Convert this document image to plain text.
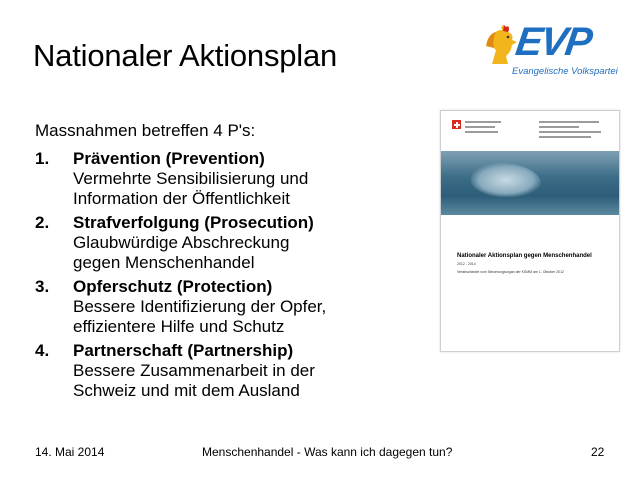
Nationaler Aktionsplan	EVP
Evangelische Volkspartei
Massnahmen betreffen 4 P's:
1.	Prävention (Prevention)
Vermehrte Sensibilisierung und
Information der Öffentlichkeit
2.	Strafverfolgung (Prosecution)
Glaubwürdige Abschreckung
gegen Menschenhandel
3.	Opferschutz (Protection)
Bessere Identifizierung der Opfer,
effizientere Hilfe und Schutz
4.	Partnerschaft (Partnership)
Bessere Zusammenarbeit in der
Schweiz und mit dem Ausland
Nationaler Aktionsplan gegen Menschenhandel
2012 - 2014
Verabschiedet vom Steuerungsorgan der KSMM am 1. Oktober 2012
14. Mai 2014	Menschenhandel - Was kann ich dagegen tun?	22
